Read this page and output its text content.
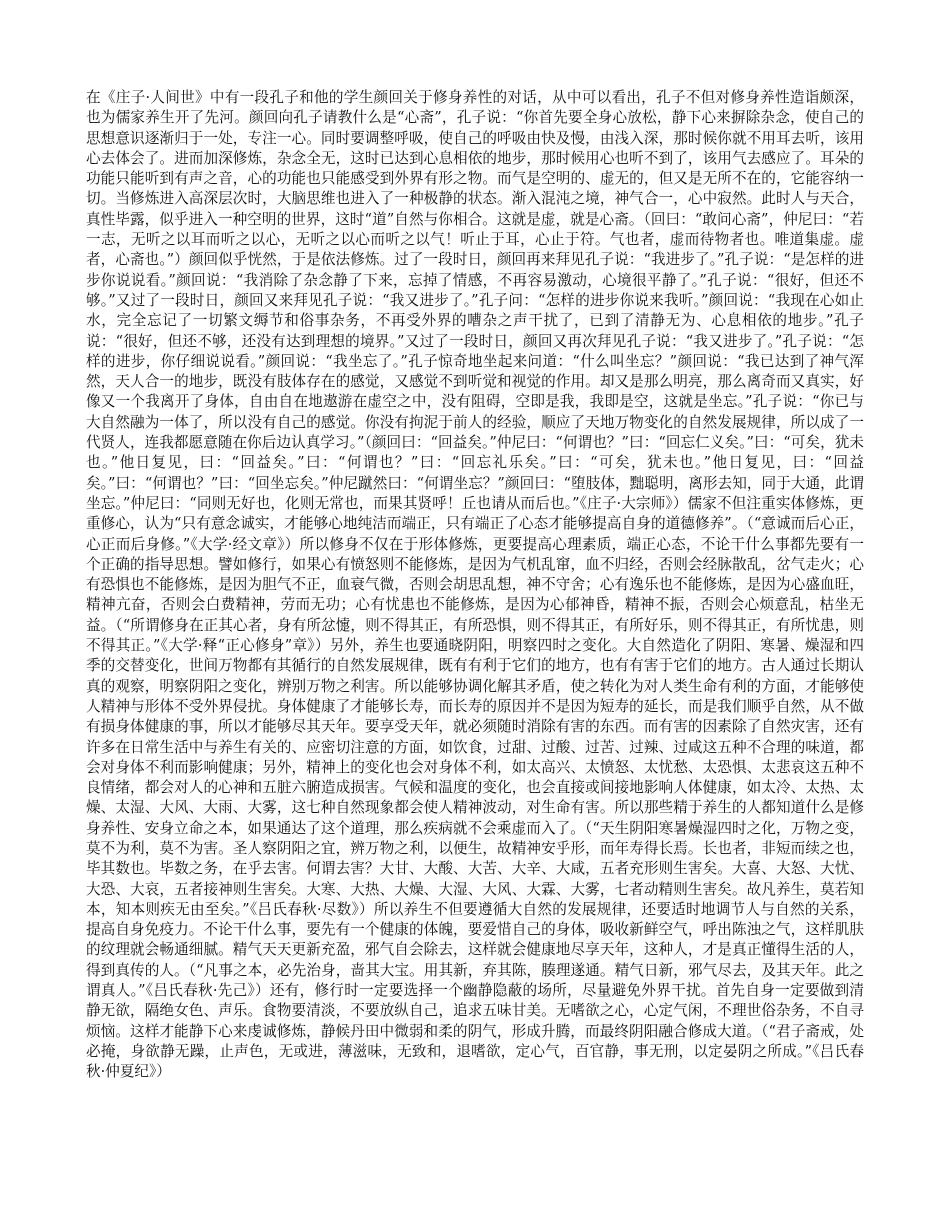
在《庄子·人间世》中有一段孔子和他的学生颜回关于修身养性的对话，从中可以看出，孔子不但对修身养性造诣颇深，也为儒家养生开了先河。颜回向孔子请教什么是“心斋”，孔子说：“你首先要全身心放松，静下心来摒除杂念，使自己的思想意识逐渐归于一处，专注一心。同时要调整呼吸，使自己的呼吸由快及慢，由浅入深，那时候你就不用耳去听，该用心去体会了。进而加深修炼，杂念全无，这时已达到心息相依的地步，那时候用心也听不到了，该用气去感应了。耳朵的功能只能听到有声之音，心的功能也只能感受到外界有形之物。而气是空明的、虚无的，但又是无所不在的，它能容纳一切。当修炼进入高深层次时，大脑思维也进入了一种极静的状态。渐入混沌之境，神气合一，心中寂然。此时人与天合，真性毕露，似乎进入一种空明的世界，这时“道”自然与你相合。这就是虚，就是心斋。（回曰：“敢问心斋”，仲尼曰：“若一志，无听之以耳而听之以心，无听之以心而听之以气！听止于耳，心止于符。气也者，虚而待物者也。唯道集虚。虚者，心斋也。”）颜回似乎恍然，于是依法修炼。过了一段时日，颜回再来拜见孔子说：“我进步了。”孔子说：“是怎样的进步你说说看。”颜回说：“我消除了杂念静了下来，忘掉了情感，不再容易激动，心境很平静了。”孔子说：“很好，但还不够。”又过了一段时日，颜回又来拜见孔子说：“我又进步了。”孔子问：“怎样的进步你说来我听。”颜回说：“我现在心如止水，完全忘记了一切繁文缛节和俗事杂务，不再受外界的嘈杂之声干扰了，已到了清静无为、心息相依的地步。”孔子说：“很好，但还不够，还没有达到理想的境界。”又过了一段时日，颜回又再次拜见孔子说：“我又进步了。”孔子说：“怎样的进步，你仔细说说看。”颜回说：“我坐忘了。”孔子惊奇地坐起来问道：“什么叫坐忘？”颜回说：“我已达到了神气浑然，天人合一的地步，既没有肢体存在的感觉，又感觉不到听觉和视觉的作用。却又是那么明亮，那么离奇而又真实，好像又一个我离开了身体，自由自在地遨游在虚空之中，没有阻碍，空即是我，我即是空，这就是坐忘。”孔子说：“你已与大自然融为一体了，所以没有自己的感觉。你没有拘泥于前人的经验，顺应了天地万物变化的自然发展规律，所以成了一代贤人，连我都愿意随在你后边认真学习。”（颜回曰：“回益矣。”仲尼曰：“何谓也？”曰：“回忘仁义矣。”曰：“可矣，犹未也。”他日复见，曰：“回益矣。”曰：“何谓也？”曰：“回忘礼乐矣。”曰：“可矣，犹未也。”他日复见，曰：“回益矣。”曰：“何谓也？”曰：“回坐忘矣。”仲尼蹴然曰：“何谓坐忘？”颜回曰：“堕肢体，黜聪明，离形去知，同于大通，此谓坐忘。”仲尼曰：“同则无好也，化则无常也，而果其贤呼！丘也请从而后也。”《庄子·大宗师》）儒家不但注重实体修炼，更重修心，认为“只有意念诚实，才能够心地纯洁而端正，只有端正了心态才能够提高自身的道德修养”。（“意诚而后心正，心正而后身修。”《大学·经文章》）所以修身不仅在于形体修炼，更要提高心理素质，端正心态，不论干什么事都先要有一个正确的指导思想。譬如修行，如果心有愤怒则不能修炼，是因为气机乱窜，血不归经，否则会经脉散乱，岔气走火；心有恐惧也不能修炼，是因为胆气不正，血衰气微，否则会胡思乱想，神不守舍；心有逸乐也不能修炼，是因为心盛血旺，精神亢奋，否则会白费精神，劳而无功；心有忧患也不能修炼，是因为心郁神昏，精神不振，否则会心烦意乱，枯坐无益。（“所谓修身在正其心者，身有所忿懥，则不得其正，有所恐惧，则不得其正，有所好乐，则不得其正，有所忧患，则不得其正。”《大学·释“正心修身”章》）另外，养生也要通晓阴阳，明察四时之变化。大自然造化了阴阳、寒暑、燥湿和四季的交替变化，世间万物都有其循行的自然发展规律，既有有利于它们的地方，也有有害于它们的地方。古人通过长期认真的观察，明察阴阳之变化，辨别万物之利害。所以能够协调化解其矛盾，使之转化为对人类生命有利的方面，才能够使人精神与形体不受外界侵扰。身体健康了才能够长寿，而长寿的原因并不是因为短寿的延长，而是我们顺乎自然，从不做有损身体健康的事，所以才能够尽其天年。要享受天年，就必须随时消除有害的东西。而有害的因素除了自然灾害，还有许多在日常生活中与养生有关的、应密切注意的方面，如饮食，过甜、过酸、过苦、过辣、过咸这五种不合理的味道，都会对身体不利而影响健康；另外，精神上的变化也会对身体不利，如太高兴、太愤怒、太忧愁、太恐惧、太悲哀这五种不良情绪，都会对人的心神和五脏六腑造成损害。气候和温度的变化，也会直接或间接地影响人体健康，如太冷、太热、太燥、太湿、大风、大雨、大雾，这七种自然现象都会使人精神波动，对生命有害。所以那些精于养生的人都知道什么是修身养性、安身立命之本，如果通达了这个道理，那么疾病就不会乘虚而入了。（“天生阴阳寒暑燥湿四时之化，万物之变，莫不为利，莫不为害。圣人察阴阳之宜，辨万物之利，以便生，故精神安乎形，而年寿得长焉。长也者，非短而续之也，毕其数也。毕数之务，在乎去害。何谓去害？大甘、大酸、大苦、大辛、大咸，五者充形则生害矣。大喜、大怒、大忧、大恐、大哀，五者接神则生害矣。大寒、大热、大燥、大湿、大风、大霖、大雾，七者动精则生害矣。故凡养生，莫若知本，知本则疾无由至矣。”《吕氏春秋·尽数》）所以养生不但要遵循大自然的发展规律，还要适时地调节人与自然的关系，提高自身免疫力。不论干什么事，要先有一个健康的体魄，要爱惜自己的身体，吸收新鲜空气，呼出陈浊之气，这样肌肤的纹理就会畅通细腻。精气天天更新充盈，邪气自会除去，这样就会健康地尽享天年，这种人，才是真正懂得生活的人，得到真传的人。（“凡事之本，必先治身，啬其大宝。用其新，弃其陈，腠理遂通。精气日新，邪气尽去，及其天年。此之谓真人。”《吕氏春秋·先己》）还有，修行时一定要选择一个幽静隐蔽的场所，尽量避免外界干扰。首先自身一定要做到清静无欲，隔绝女色、声乐。食物要清淡，不要放纵自己，追求五味甘美。无嗜欲之心，心定气闲，不理世俗杂务，不自寻烦恼。这样才能静下心来虔诚修炼，静候丹田中微弱和柔的阴气，形成升腾，而最终阴阳融合修成大道。（“君子斋戒，处必掩，身欲静无躁，止声色，无或进，薄滋味，无致和，退嗜欲，定心气，百官静，事无刑，以定晏阴之所成。”《吕氏春秋·仲夏纪》）
